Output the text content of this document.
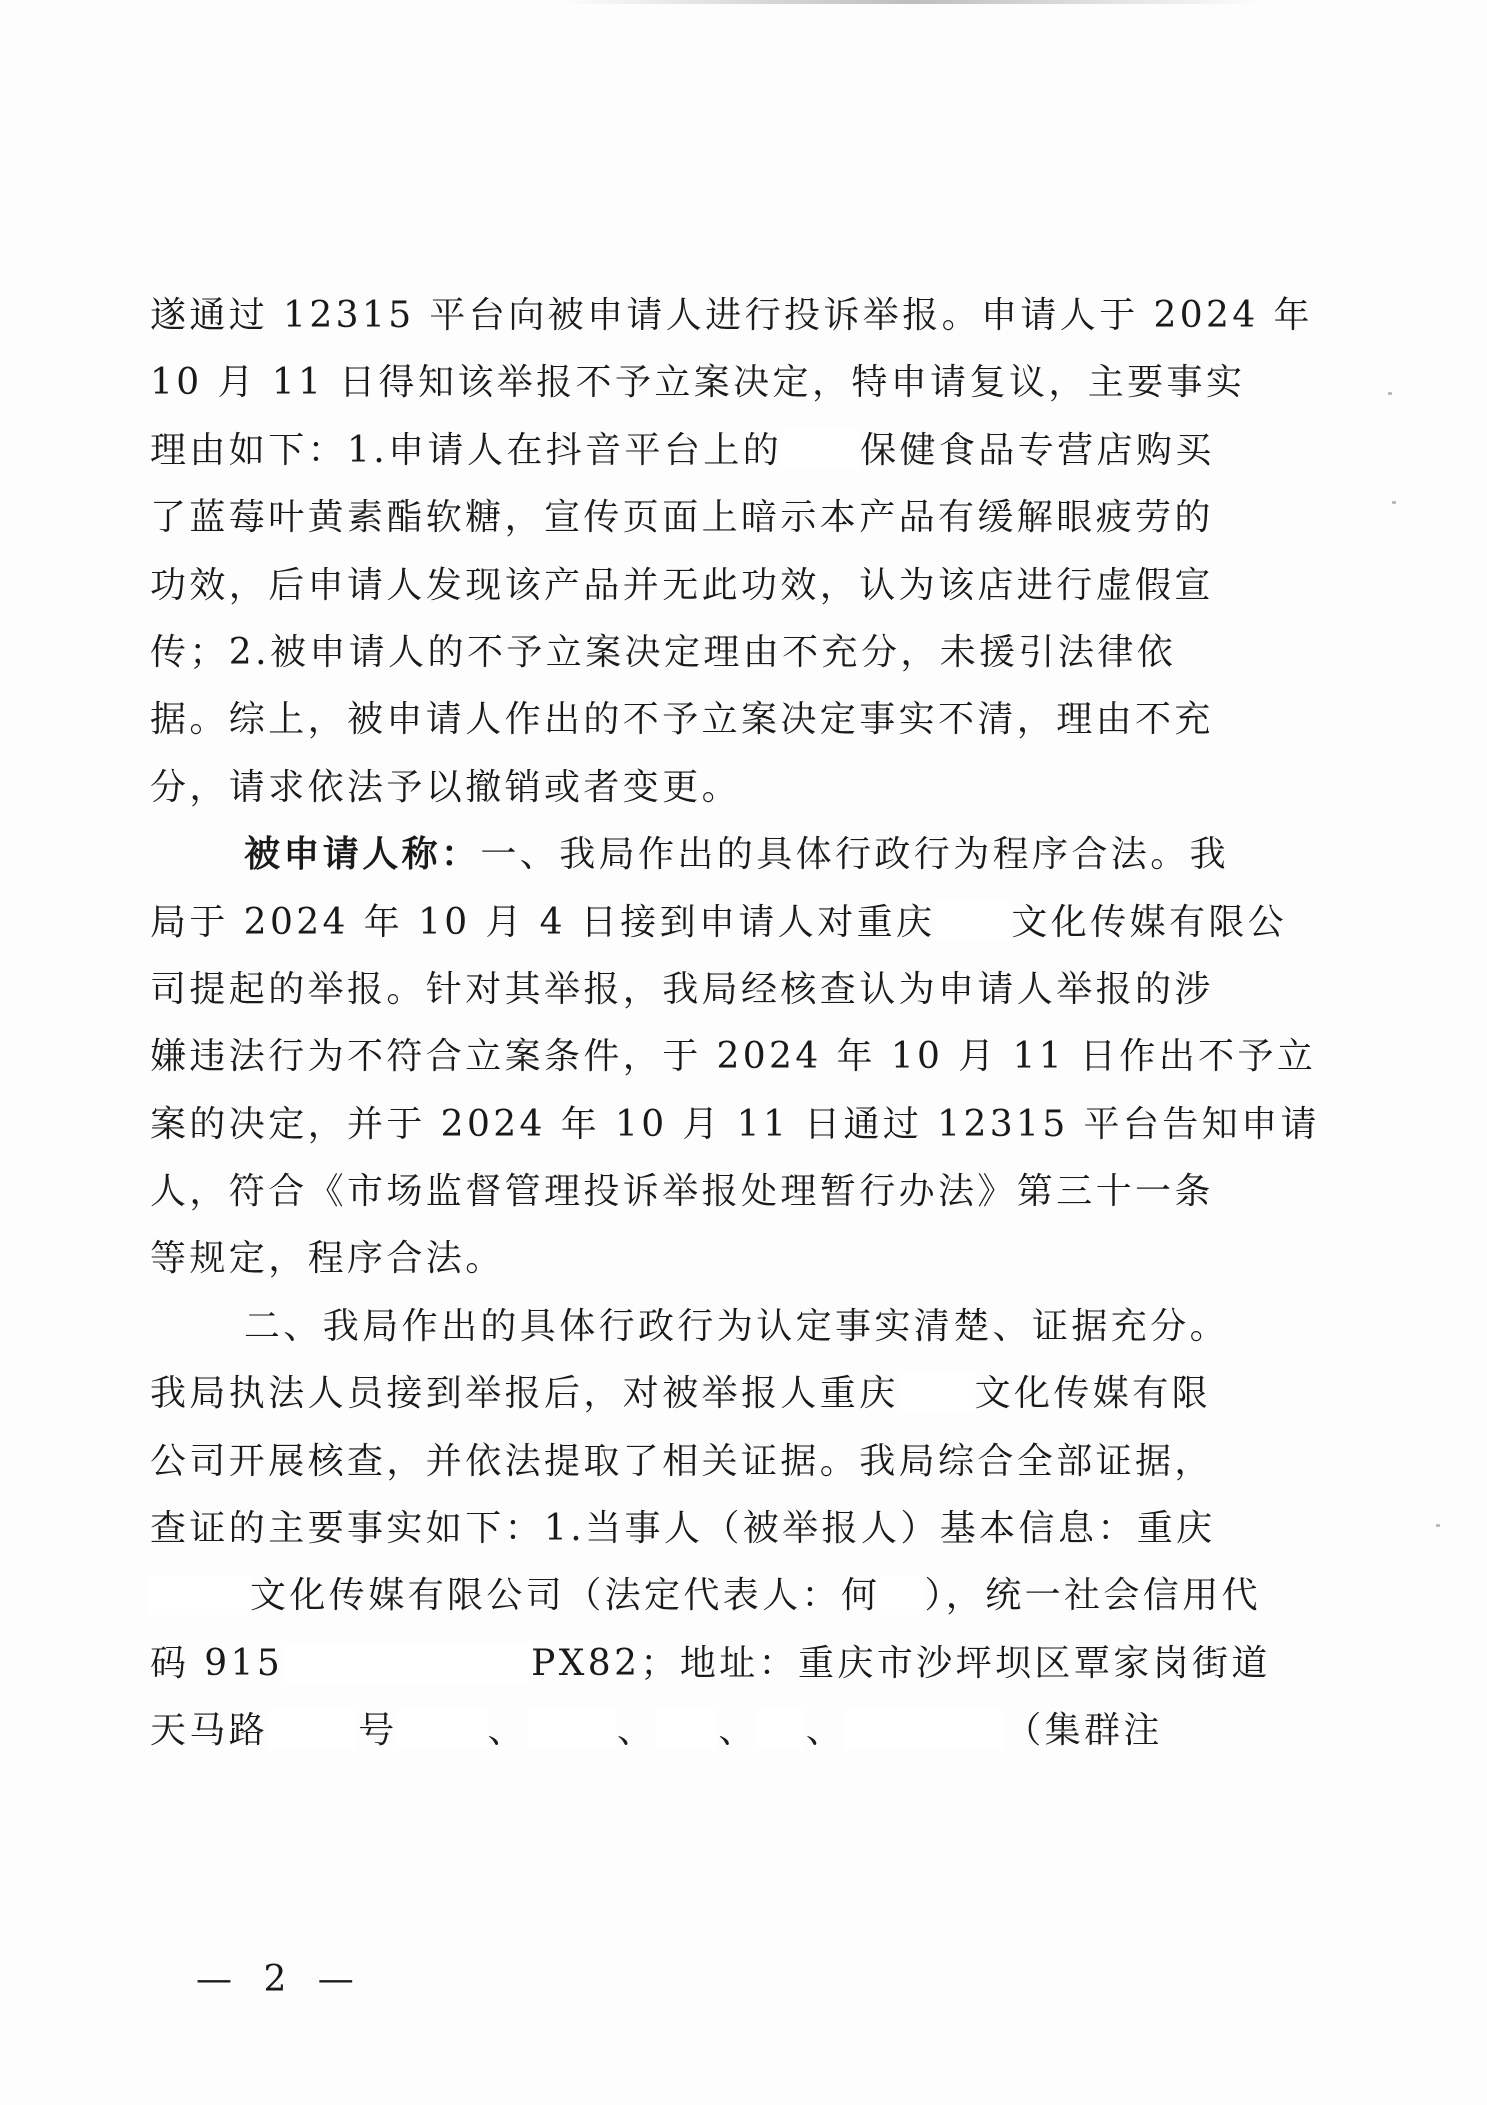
遂通过 12315 平台向被申请人进行投诉举报。申请人于 2024 年
10 月 11 日得知该举报不予立案决定，特申请复议，主要事实
理由如下：1.申请人在抖音平台上的 保健食品专营店购买
了蓝莓叶黄素酯软糖，宣传页面上暗示本产品有缓解眼疲劳的
功效，后申请人发现该产品并无此功效，认为该店进行虚假宣
传；2.被申请人的不予立案决定理由不充分，未援引法律依
据。综上，被申请人作出的不予立案决定事实不清，理由不充
分，请求依法予以撤销或者变更。
被申请人称：一、我局作出的具体行政行为程序合法。我
局于 2024 年 10 月 4 日接到申请人对重庆 文化传媒有限公
司提起的举报。针对其举报，我局经核查认为申请人举报的涉
嫌违法行为不符合立案条件，于 2024 年 10 月 11 日作出不予立
案的决定，并于 2024 年 10 月 11 日通过 12315 平台告知申请
人，符合《市场监督管理投诉举报处理暂行办法》第三十一条
等规定，程序合法。
二、我局作出的具体行政行为认定事实清楚、证据充分。
我局执法人员接到举报后，对被举报人重庆 文化传媒有限
公司开展核查，并依法提取了相关证据。我局综合全部证据，
查证的主要事实如下：1.当事人（被举报人）基本信息：重庆
文化传媒有限公司（法定代表人：何 ），统一社会信用代
码 915	PX82；地址：重庆市沙坪坝区覃家岗街道
天马路	号	、	、 、 、	（集群注
— 2 —
